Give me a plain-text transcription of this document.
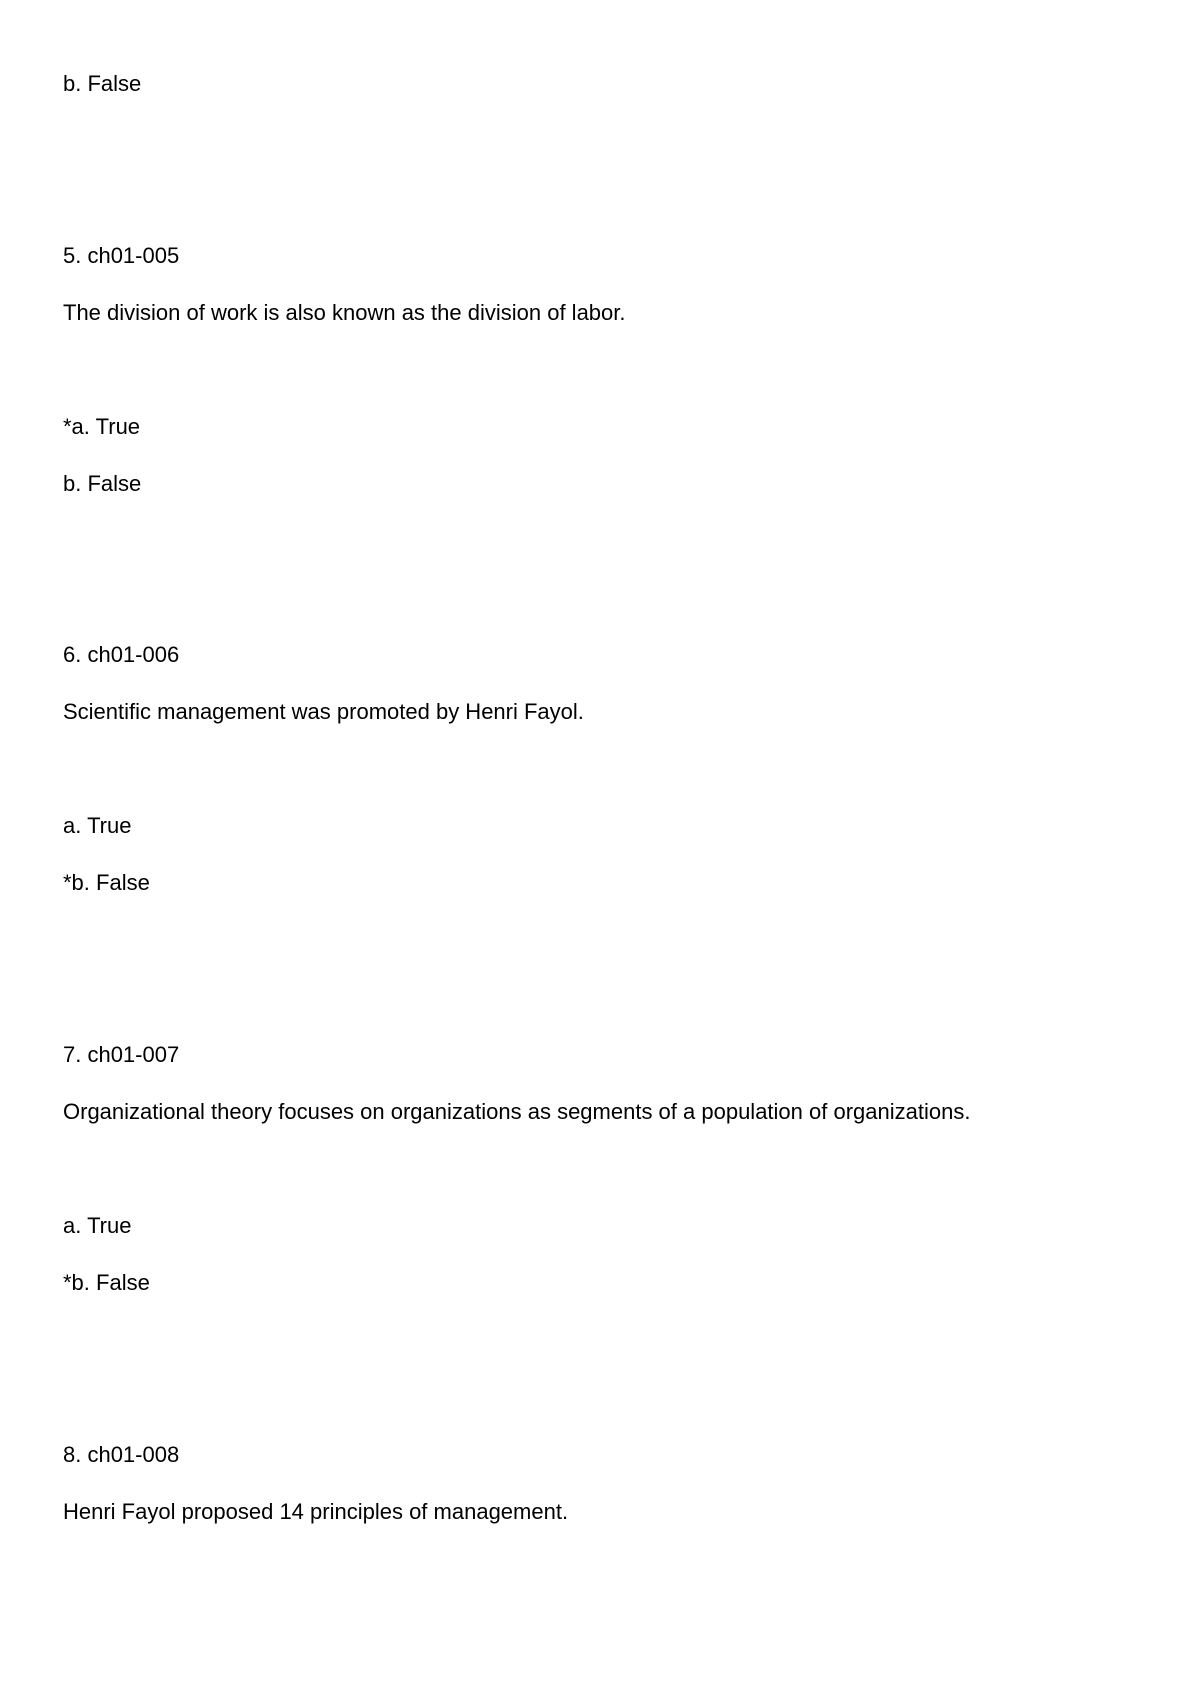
b. False

5. ch01-005

The division of work is also known as the division of labor.

*a. True

b. False

6. ch01-006

Scientific management was promoted by Henri Fayol.

a. True

*b. False

7. ch01-007

Organizational theory focuses on organizations as segments of a population of organizations.

a. True

*b. False

8. ch01-008

Henri Fayol proposed 14 principles of management.
